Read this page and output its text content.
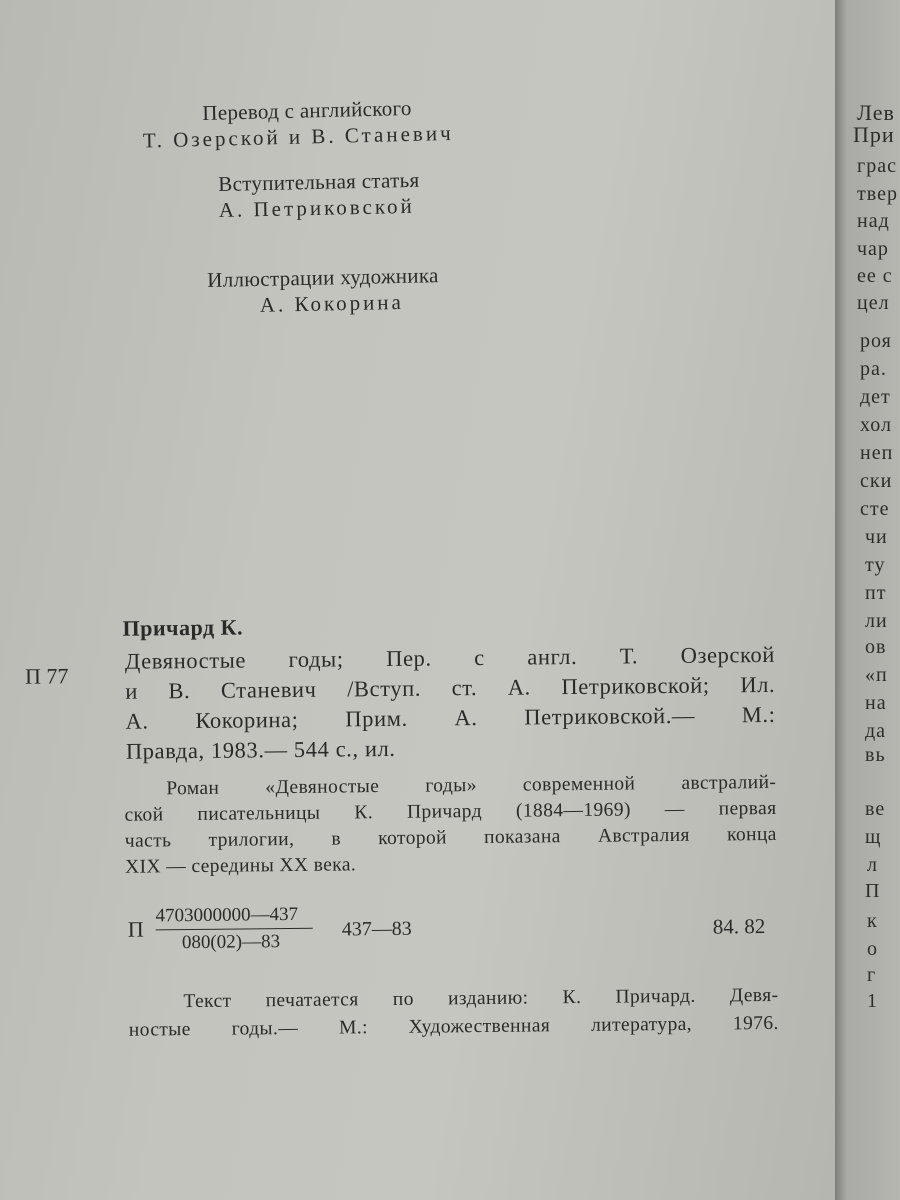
Перевод с английского
Т. Озерской и В. Станевич
Вступительная статья
А. Петриковской
Иллюстрации художника
А. Кокорина
Причард К.
П 77
Девяностые годы; Пер. с англ. Т. Озерской
и В. Станевич /Вступ. ст. А. Петриковской; Ил.
А. Кокорина; Прим. А. Петриковской.— М.:
Правда, 1983.— 544 с., ил.
Роман «Девяностые годы» современной австралий-
ской писательницы К. Причард (1884—1969) — первая
часть трилогии, в которой показана Австралия конца
XIX — середины XX века.
П $\frac{4703000000—437}{080(02)—83}$ 437—83	84. 82
Текст печатается по изданию: К. Причард. Девя-
ностые годы.— М.: Художественная литература, 1976.
Лев
При
грас
твер
над
чар
ее с
цел
роя
ра.
дет
хол
неп
ски
сте
чи
ту
пт
ли
ов
«п
на
да
вь
ве
щ
л
П
к
о
г
1
